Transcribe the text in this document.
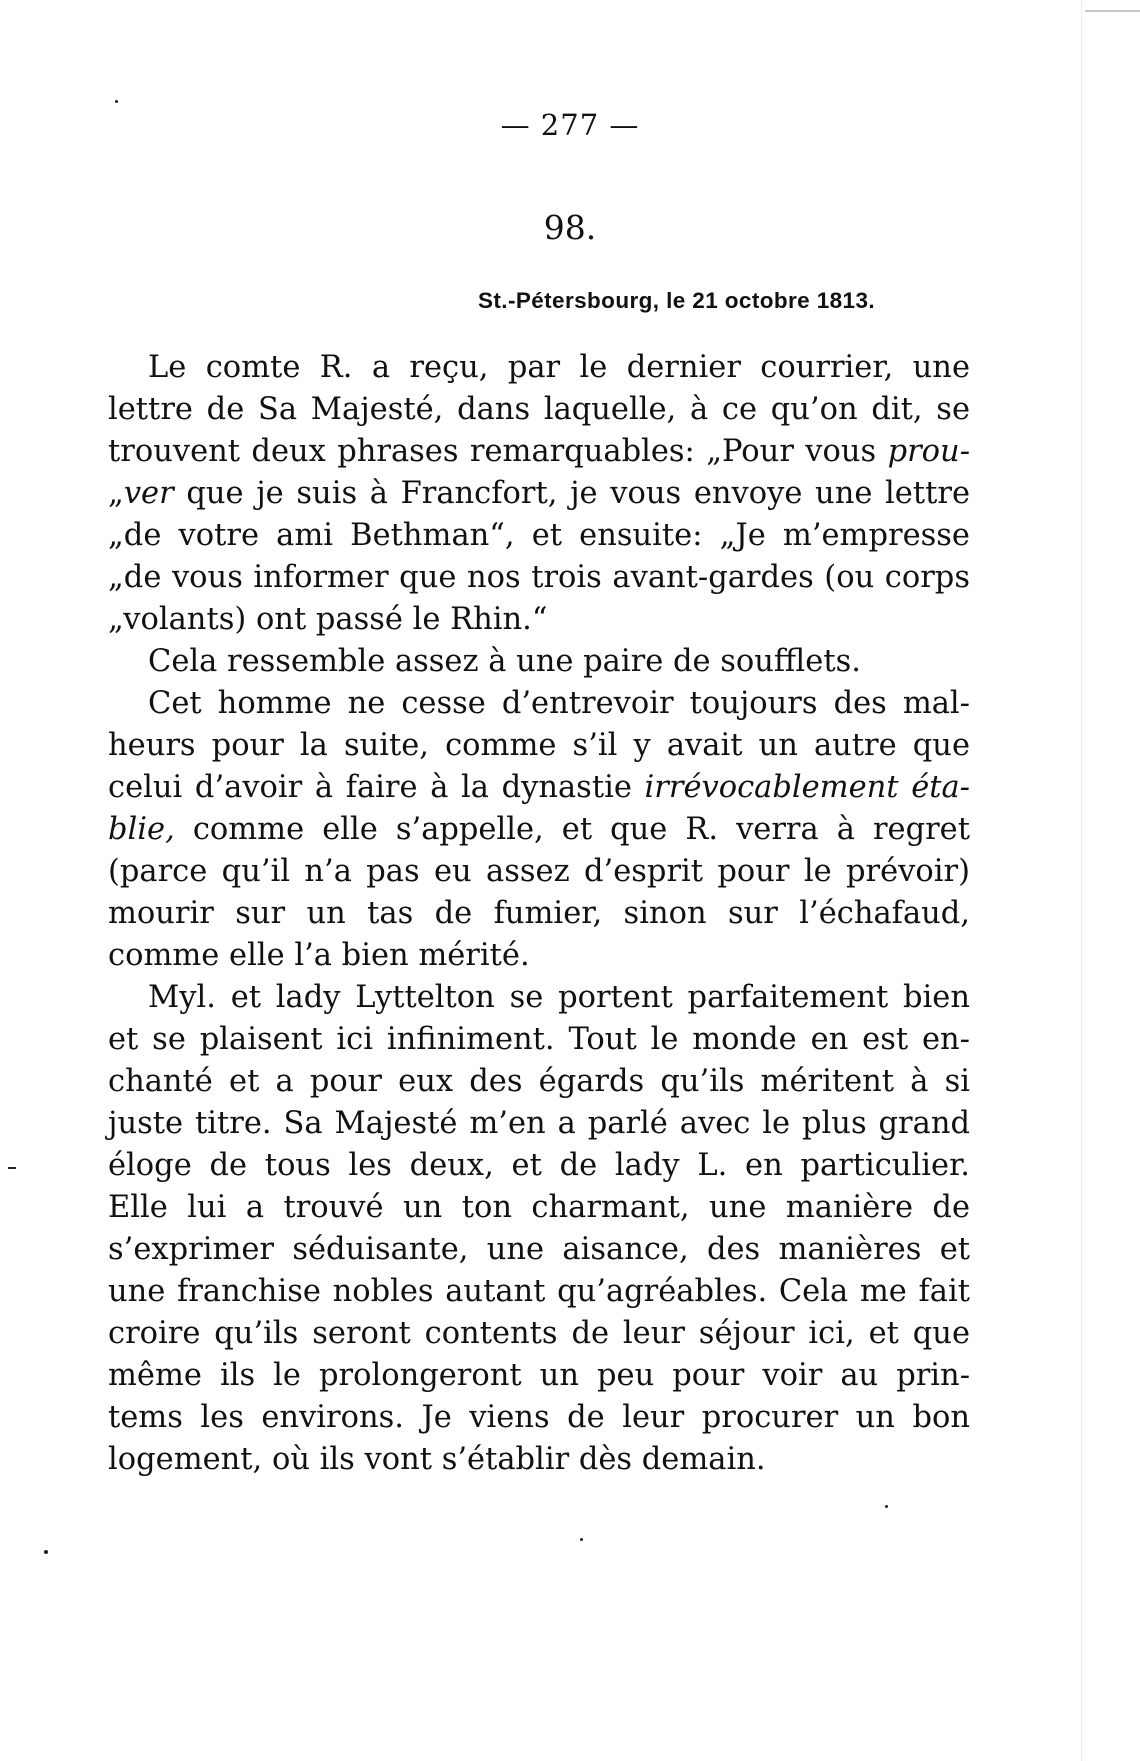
— 277 —
98.
St.-Pétersbourg, le 21 octobre 1813.
Le comte R. a reçu, par le dernier courrier, une
lettre de Sa Majesté, dans laquelle, à ce qu’on dit, se
trouvent deux phrases remarquables: „Pour vous prou-
„ver que je suis à Francfort, je vous envoye une lettre
„de votre ami Bethman“, et ensuite: „Je m’empresse
„de vous informer que nos trois avant-gardes (ou corps
„volants) ont passé le Rhin.“
Cela ressemble assez à une paire de soufflets.
Cet homme ne cesse d’entrevoir toujours des mal-
heurs pour la suite, comme s’il y avait un autre que
celui d’avoir à faire à la dynastie irrévocablement éta-
blie, comme elle s’appelle, et que R. verra à regret
(parce qu’il n’a pas eu assez d’esprit pour le prévoir)
mourir sur un tas de fumier, sinon sur l’échafaud,
comme elle l’a bien mérité.
Myl. et lady Lyttelton se portent parfaitement bien
et se plaisent ici infiniment. Tout le monde en est en-
chanté et a pour eux des égards qu’ils méritent à si
juste titre. Sa Majesté m’en a parlé avec le plus grand
éloge de tous les deux, et de lady L. en particulier.
Elle lui a trouvé un ton charmant, une manière de
s’exprimer séduisante, une aisance, des manières et
une franchise nobles autant qu’agréables. Cela me fait
croire qu’ils seront contents de leur séjour ici, et que
même ils le prolongeront un peu pour voir au prin-
tems les environs. Je viens de leur procurer un bon
logement, où ils vont s’établir dès demain.
